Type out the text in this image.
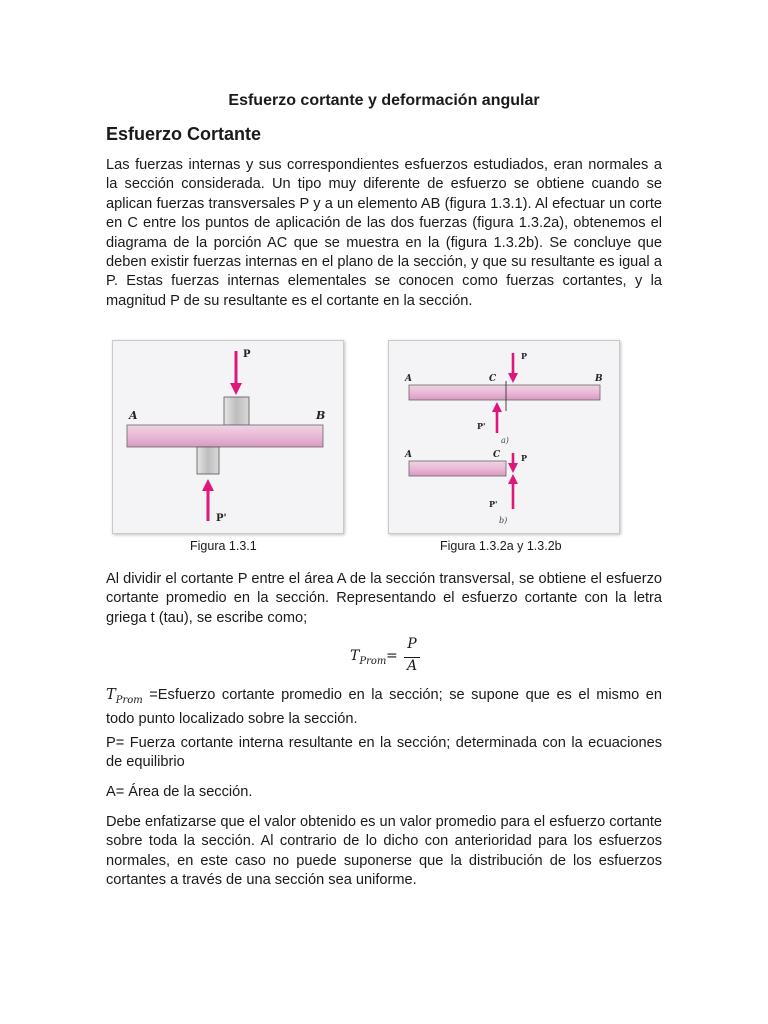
Esfuerzo cortante y deformación angular
Esfuerzo Cortante

Las fuerzas internas y sus correspondientes esfuerzos estudiados, eran normales a la sección considerada. Un tipo muy diferente de esfuerzo se obtiene cuando se aplican fuerzas transversales P y a un elemento AB (figura 1.3.1). Al efectuar un corte en C entre los puntos de aplicación de las dos fuerzas (figura 1.3.2a), obtenemos el diagrama de la porción AC que se muestra en la (figura 1.3.2b). Se concluye que deben existir fuerzas internas en el plano de la sección, y que su resultante es igual a P. Estas fuerzas internas elementales se conocen como fuerzas cortantes, y la magnitud P de su resultante es el cortante en la sección.

A	B
P
P'
Figura 1.3.1
A	C	B
P
P'
a)
A	C	P
P'
b)
Figura 1.3.2a y 1.3.2b

Al dividir el cortante P entre el área A de la sección transversal, se obtiene el esfuerzo cortante promedio en la sección. Representando el esfuerzo cortante con la letra griega t (tau), se escribe como;

$T_{Prom}$ =
P
A

$T_{Prom}$ =Esfuerzo cortante promedio en la sección; se supone que es el mismo en todo punto localizado sobre la sección.

P= Fuerza cortante interna resultante en la sección; determinada con la ecuaciones de equilibrio

A= Área de la sección.

Debe enfatizarse que el valor obtenido es un valor promedio para el esfuerzo cortante sobre toda la sección. Al contrario de lo dicho con anterioridad para los esfuerzos normales, en este caso no puede suponerse que la distribución de los esfuerzos cortantes a través de una sección sea uniforme.
